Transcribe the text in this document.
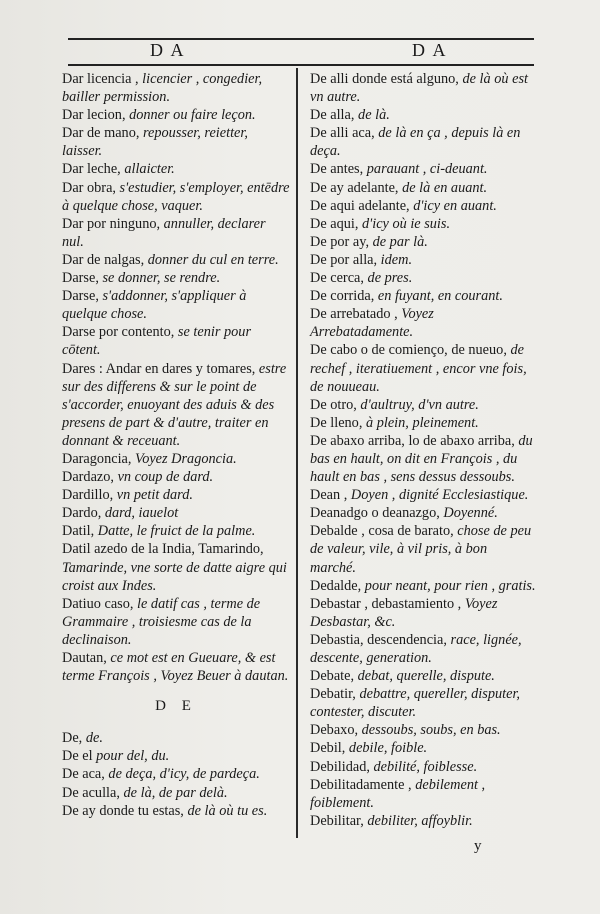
D A	D A

Dar licencia , licencier , congedier, bailler permission.

Dar lecion, donner ou faire leçon.

Dar de mano, repousser, reietter, laisser.

Dar leche, allaicter.

Dar obra, s'estudier, s'employer, entēdre à quelque chose, vaquer.

Dar por ninguno, annuller, declarer nul.

Dar de nalgas, donner du cul en terre.

Darse, se donner, se rendre.

Darse, s'addonner, s'appliquer à quelque chose.

Darse por contento, se tenir pour cōtent.

Dares : Andar en dares y tomares, estre sur des differens & sur le point de s'accorder, enuoyant des aduis & des presens de part & d'autre, traiter en donnant & receuant.

Daragoncia, Voyez Dragoncia.

Dardazo, vn coup de dard.

Dardillo, vn petit dard.

Dardo, dard, iauelot

Datil, Datte, le fruict de la palme.

Datil azedo de la India, Tamarindo, Tamarinde, vne sorte de datte aigre qui croist aux Indes.

Datiuo caso, le datif cas , terme de Grammaire , troisiesme cas de la declinaison.

Dautan, ce mot est en Gueuare, & est terme François , Voyez Beuer à dautan.

D E

De, de.

De el pour del, du.

De aca, de deça, d'icy, de pardeça.

De aculla, de là, de par delà.

De ay donde tu estas, de là où tu es.

De alli donde está alguno, de là où est vn autre.

De alla, de là.

De alli aca, de là en ça , depuis là en deça.

De antes, parauant , ci-deuant.

De ay adelante, de là en auant.

De aqui adelante, d'icy en auant.

De aqui, d'icy où ie suis.

De por ay, de par là.

De por alla, idem.

De cerca, de pres.

De corrida, en fuyant, en courant.

De arrebatado , Voyez Arrebatadamente.

De cabo o de comienço, de nueuo, de rechef , iteratiuement , encor vne fois, de nouueau.

De otro, d'aultruy, d'vn autre.

De lleno, à plein, pleinement.

De abaxo arriba, lo de abaxo arriba, du bas en hault, on dit en François , du hault en bas , sens dessus dessoubs.

Dean , Doyen , dignité Ecclesiastique.

Deanadgo o deanazgo, Doyenné.

Debalde , cosa de barato, chose de peu de valeur, vile, à vil pris, à bon marché.

Dedalde, pour neant, pour rien , gratis.

Debastar , debastamiento , Voyez Desbastar, &c.

Debastia, descendencia, race, lignée, descente, generation.

Debate, debat, querelle, dispute.

Debatir, debattre, quereller, disputer, contester, discuter.

Debaxo, dessoubs, soubs, en bas.

Debil, debile, foible.

Debilidad, debilité, foiblesse.

Debilitadamente , debilement , foiblement.

Debilitar, debiliter, affoyblir.

y
